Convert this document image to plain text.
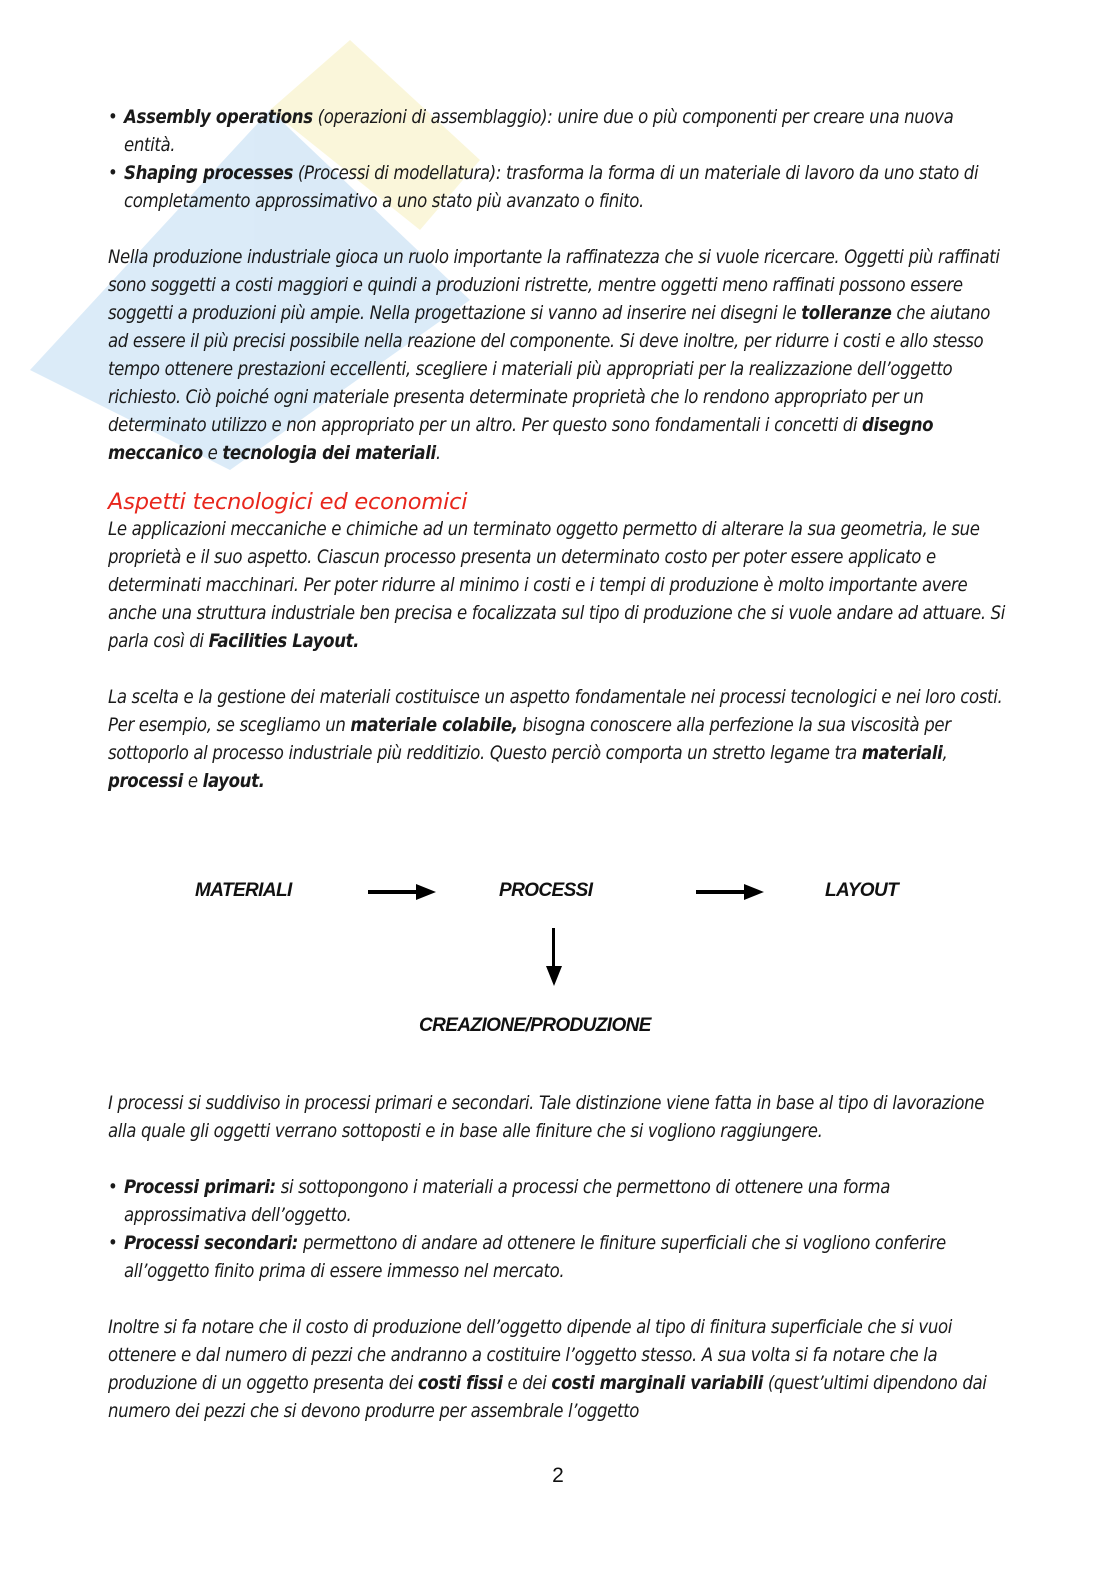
• Assembly operations (operazioni di assemblaggio): unire due o più componenti per creare una nuova entità.
• Shaping processes (Processi di modellatura): trasforma la forma di un materiale di lavoro da uno stato di completamento approssimativo a uno stato più avanzato o finito.

Nella produzione industriale gioca un ruolo importante la raffinatezza che si vuole ricercare. Oggetti più raffinati sono soggetti a costi maggiori e quindi a produzioni ristrette, mentre oggetti meno raffinati possono essere soggetti a produzioni più ampie. Nella progettazione si vanno ad inserire nei disegni le tolleranze che aiutano ad essere il più precisi possibile nella reazione del componente. Si deve inoltre, per ridurre i costi e allo stesso tempo ottenere prestazioni eccellenti, scegliere i materiali più appropriati per la realizzazione dell’oggetto richiesto. Ciò poiché ogni materiale presenta determinate proprietà che lo rendono appropriato per un determinato utilizzo e non appropriato per un altro. Per questo sono fondamentali i concetti di disegno meccanico e tecnologia dei materiali.

Aspetti tecnologici ed economici

Le applicazioni meccaniche e chimiche ad un terminato oggetto permetto di alterare la sua geometria, le sue proprietà e il suo aspetto. Ciascun processo presenta un determinato costo per poter essere applicato e determinati macchinari. Per poter ridurre al minimo i costi e i tempi di produzione è molto importante avere anche una struttura industriale ben precisa e focalizzata sul tipo di produzione che si vuole andare ad attuare. Si parla così di Facilities Layout.

La scelta e la gestione dei materiali costituisce un aspetto fondamentale nei processi tecnologici e nei loro costi. Per esempio, se scegliamo un materiale colabile, bisogna conoscere alla perfezione la sua viscosità per sottoporlo al processo industriale più redditizio. Questo perciò comporta un stretto legame tra materiali, processi e layout.

MATERIALI	PROCESSI	LAYOUT
CREAZIONE/PRODUZIONE

I processi si suddiviso in processi primari e secondari. Tale distinzione viene fatta in base al tipo di lavorazione alla quale gli oggetti verrano sottoposti e in base alle finiture che si vogliono raggiungere.

• Processi primari: si sottopongono i materiali a processi che permettono di ottenere una forma approssimativa dell’oggetto.
• Processi secondari: permettono di andare ad ottenere le finiture superficiali che si vogliono conferire all’oggetto finito prima di essere immesso nel mercato.

Inoltre si fa notare che il costo di produzione dell’oggetto dipende al tipo di finitura superficiale che si vuoi ottenere e dal numero di pezzi che andranno a costituire l’oggetto stesso. A sua volta si fa notare che la produzione di un oggetto presenta dei costi fissi e dei costi marginali variabili (quest’ultimi dipendono dai numero dei pezzi che si devono produrre per assembrale l’oggetto

2
